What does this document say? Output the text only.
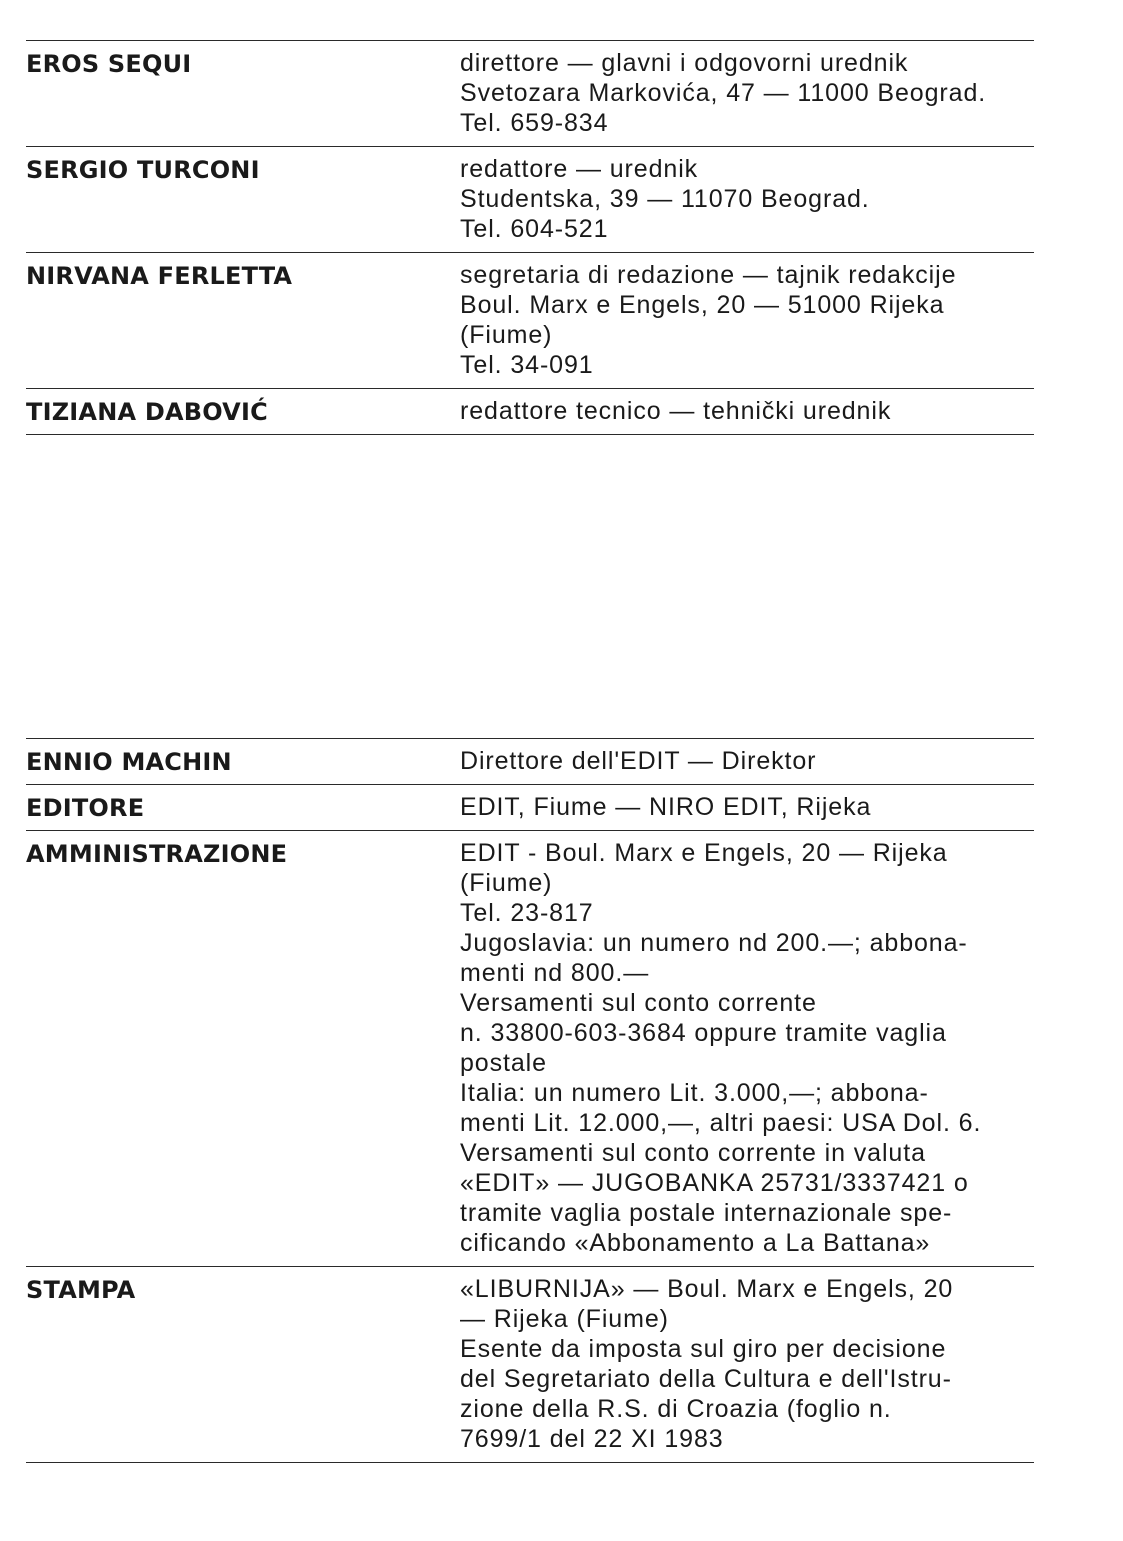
EROS SEQUI	direttore — glavni i odgovorni urednik
Svetozara Markovića, 47 — 11000 Beograd.
Tel. 659-834
SERGIO TURCONI	redattore — urednik
Studentska, 39 — 11070 Beograd.
Tel. 604-521
NIRVANA FERLETTA	segretaria di redazione — tajnik redakcije
Boul. Marx e Engels, 20 — 51000 Rijeka
(Fiume)
Tel. 34-091
TIZIANA DABOVIĆ	redattore tecnico — tehnički urednik
ENNIO MACHIN	Direttore dell'EDIT — Direktor
EDITORE	EDIT, Fiume — NIRO EDIT, Rijeka
AMMINISTRAZIONE	EDIT - Boul. Marx e Engels, 20 — Rijeka
(Fiume)
Tel. 23-817
Jugoslavia: un numero nd 200.—; abbona-
menti nd 800.—
Versamenti sul conto corrente
n. 33800-603-3684 oppure tramite vaglia
postale
Italia: un numero Lit. 3.000,—; abbona-
menti Lit. 12.000,—, altri paesi: USA Dol. 6.
Versamenti sul conto corrente in valuta
«EDIT» — JUGOBANKA 25731/3337421 o
tramite vaglia postale internazionale spe-
cificando «Abbonamento a La Battana»
STAMPA	«LIBURNIJA» — Boul. Marx e Engels, 20
— Rijeka (Fiume)
Esente da imposta sul giro per decisione
del Segretariato della Cultura e dell'Istru-
zione della R.S. di Croazia (foglio n.
7699/1 del 22 XI 1983
